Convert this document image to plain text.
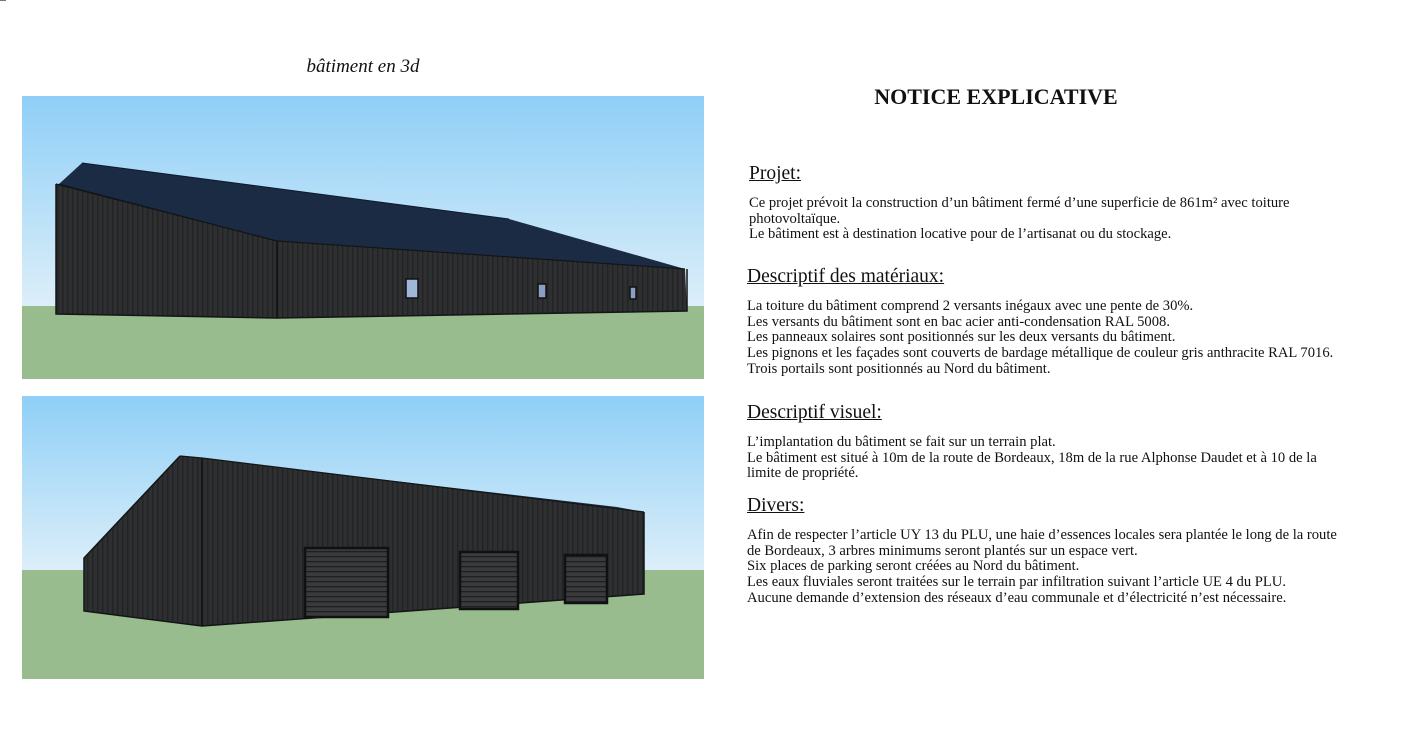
bâtiment en 3d
NOTICE EXPLICATIVE
Projet:

Ce projet prévoit la construction d’un bâtiment fermé d’une superficie de 861m² avec toiture

photovoltaïque.

Le bâtiment est à destination locative pour de l’artisanat ou du stockage.

Descriptif des matériaux:

La toiture du bâtiment comprend 2 versants inégaux avec une pente de 30%.

Les versants du bâtiment sont en bac acier anti-condensation RAL 5008.

Les panneaux solaires sont positionnés sur les deux versants du bâtiment.

Les pignons et les façades sont couverts de bardage métallique de couleur gris anthracite RAL 7016.

Trois portails sont positionnés au Nord du bâtiment.

Descriptif visuel:

L’implantation du bâtiment se fait sur un terrain plat.

Le bâtiment est situé à 10m de la route de Bordeaux, 18m de la rue Alphonse Daudet et à 10 de la

limite de propriété.

Divers:

Afin de respecter l’article UY 13 du PLU, une haie d’essences locales sera plantée le long de la route

de Bordeaux, 3 arbres minimums seront plantés sur un espace vert.

Six places de parking seront créées au Nord du bâtiment.

Les eaux fluviales seront traitées sur le terrain par infiltration suivant l’article UE 4 du PLU.

Aucune demande d’extension des réseaux d’eau communale et d’électricité n’est nécessaire.
